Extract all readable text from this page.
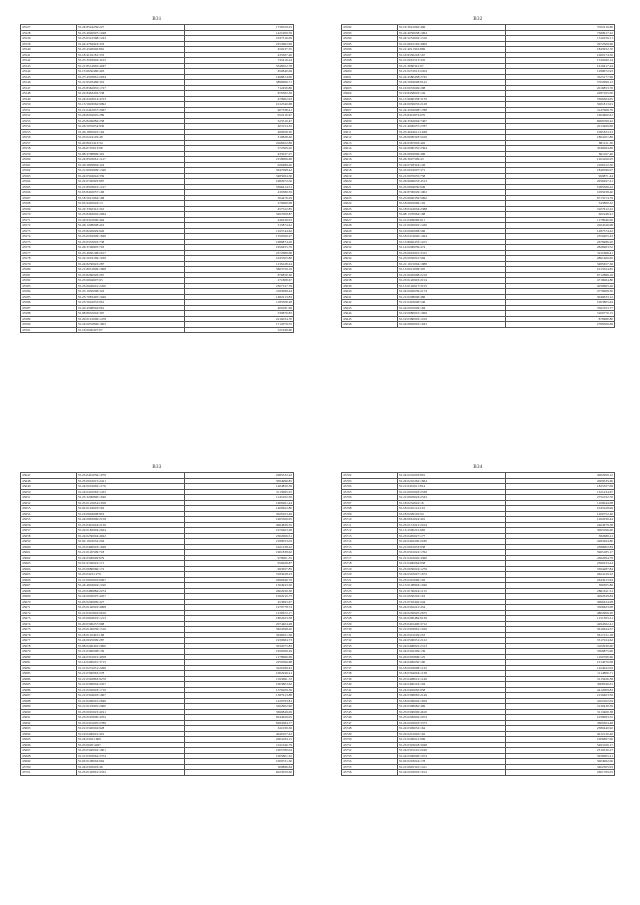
B31
45527	35.24:8524239:227	1739529.25
45528	35.25:4026007:1048	1421909.59
45530	35.25:0312568:1243	1037316.09
45536	35.24:4762943:433	2253662.99
45540	35.25:4326046:891	450237.35
45541	35.18:4102181:353	435307.26
45542	35.25:3263604:3102	745419.24
45543	35.21:8514965:4047	3349652.78
45544	35.15:6650460:403	650840.69
45545	35.27:4503661:2034	1498814.90
45546	35.21:9503466:319	3896696.71
45547	35.25:8362935:1727	712450.80
45548	35.22:8463202:538	870302.36
45549	35.24:6418014:4723	479902.93
45550	35.13:5693062:9092	1012540.68
45551	35.21:0461957:2067	907338.41
45552	35.26:8294045:289	952210.67
45553	35.25:8246082:258	523510.47
45554	35.26:5935634:930	403154.35
45555	35.26:1865043:164	460658.30
45556	35.25:0224105:48	310828.46
45557	35.20:8021413:34	2266652.89
45558	35.26:6710613:98	572506.20
45559	35.08:4798899:391	435037.27
45560	35.24:8503061:1127	2158066.68
45561	35.26:5829804:324	926489.20
45562	35.21:9063909:1346	3047098.42
45563	35.24:0594044:359	3485004.30
45564	35.22:0740993:987	1982972.56
45565	35.21:8593601:1217	3396414.51
45566	35.03:8402057:106	430389.59
45567	35.18:5021064:168	504479.29
45568	35.05:9405918:13	276699.08
45569	35.22:3392341:310	457522.85
45570	35.25:8463002:2064	3497008.87
45571	35.26:9322000:464	440236.03
45572	35.26:1208008:416	315874.61
45573	35.23:8220629:926	1195744.62
45574	35.25:6263009:1846	1350566.27
45575	35.25:0333003:738	1986874.26
45576	35.26:3746805:703	1956455.79
45577	35.25:4950198:2017	2372689.68
45578	35.22:5019169:1039	1045505.86
45579	35.24:8250922:287	1136128.24
45580	35.21:8051609:1998	3663756.19
45581	35.25:8260026:267	876850.30
45582	35.25:6094607:93	271808.67
45583	35.23:6040001:2450	2307127.79
45584	35.25:1950008:324	3183998.44
45585	35.23:7083405:1946	1482213.83
45586	35.23:5042033:901	1185508.28
45587	35.20:4598004:961	409181.69
45588	35.08:8932004:397	530876.83
45589	35.29:0101006:1478	2216034.70
45590	35.24:0032806:1602	1712079.55
45591	35.16:6040407:67	521648.60
B32
45592	35.19:3912062:466	3702216.66
45593	35.24:4030038:1064	7369917.22
45594	35.24:5233002:1316	1510470.11
45595	35.21:6922163:4009	2972569.60
45596	35.21:4011502:869	1845952.70
45597	35.16:9330218:167	1060174.50
45598	35.21:0061513:435	1530260.14
45599	35.21:3060341:67	1619417.24
45600	35.21:0272013:2454	1298972.93
45601	35.24:4580438:2745	3525177.99
45602	35.24:5994008:6122	5702699.13
45603	35.19:0033049:208	2016853.70
45604	35.19:8458003:126	2287105.00
45605	35.15:9960338:3170	3396304.05
45606	35.24:0050035:2128	5001813.91
45607	35.24:4502008:1788	3147668.79
45608	35.23:8401874:670	1604660.61
45609	35.24:3562004:7467	6906769.22
45610	35.21:4000057:2787	2013469.06
45611	35.25:4024011:1648	1081823.23
45612	35.26:6000593:5106	1804101.86
45613	35.24:6367003:402	681121.30
45614	35.24:6090355:2364	3048284.66
45615	35.24:6993006:496	661167.46
45616	35.26:3007509:43	1204160.05
45617	35.24:0728324:126	2168122.50
45618	35.23:0019007:371	1840596.07
45619	35.21:0970035:758	969871.44
45620	35.26:9906033:4513	2956297.21
45621	35.25:0994030:949	1085566.22
45622	35.24:8700029:1002	1095038.40
45623	35.25:6040359:5062	6713174.79
45624	35.18:6093069:102	343809.52
45625	35.18:0324004:2388	3107912.22
45626	35.08:1370064:198	601948.41
45627	35.21:0409060:611	1178946.00
45628	35.21:0020002:1436	2264546.98
45629	35.19:0920008:506	1287574.22
45630	35.18:0474040:1264	2350405.43
45631	35.15:8940433:1103	2678486.20
45632	35.14:0200059:474	2826963.52
45633	35.23:0043091:3315	3211668.41
45634	35.23:0030001:584	4861406.65
45635	35.21:1915004:1988	3485657.36
45636	35.13:0013009:305	1013524.65
45637	35.21:0020008:2219	6712886.16
45638	35.23:0120603:2154	4716964.80
45639	35.15:0120617:3155	4059665.26
45640	35.24:0040039:2174	4776908.30
45641	35.21:0208006:486	3046633.12
45642	35.21:0403006:546	1003805.64
45643	35.24:0010049:184	3302353.77
45644	35.19:0080001:1069	3160770.15
45645	35.19:0380003:1019	870980.80
45646	35.24:0802003:1043	2786306.66
B33
45647	35.25:0461059:1079	2685532.22
45648	35.25:0043015:2421	3094996.85
45649	35.24:0019065:1176	1464850.39
45650	35.24:0410063:1435	3113065.25
45651	35.25:3290800:1040	1145102.59
45652	35.25:0119034:1058	1609261.44
45653	35.02:0104003:502	1409622.80
45654	35.19:0904008:819	3629103.49
45655	35.24:0963906:2158	1965306.05
45656	35.25:0491044:2139	4964839.35
45657	35.24:0182904:2624	1070403.28
45658	35.24:0230004:4922	2302006.51
45659	35.02:1916032:204	2189053.03
45660	35.25:0490003:1648	1921238.22
45661	35.21:0120509:718	1901838.62
45662	35.24:0300049:679	976901.35
45663	35.01:9740022:171	956628.87
45664	35.25:0680069:172	993657.85
45665	35.25:0423:1279	3183028.23
45666	35.21:0903003:9067	2690946.79
45667	35.24:4904004:1190	1564943.56
45668	35.25:0480884:2274	2602930.30
45669	35.24:0020007:4207	1092910.73
45670	35.03:0200609:427	453693.67
45671	35.25:0140093:4998	1279778.74
45672	35.21:0301602:9916	1230672.17
45673	35.25:0904019:1213	1802623.58
45674	35.20:0390237:908	2074404.28
45675	35.25:0140039:1516	3624598.20
45676	35.18:0110403:168	3046051.36
45677	35.24:0025009:287	1930684.73
45678	35.08:0200402:2900	3032075.83
45679	35.21:0300008:159	1956599.29
45680	35.24:0301001:4058	1178699.69
45681	35.14:0400001:3715	2259366.68
45682	35.21:0231051:2266	3229189.43
45683	35.21:0300963:278	1062949.21
45684	35.21:0302863:9276	1193691.72
45685	35.21:0306004:2457	1903803.62
45686	35.21:0202003:1719	1376209.39
45687	35.21:0304003:1667	1387913.88
45688	35.21:0200001:2849	1220793.81
45689	35.21:0103905:2960	3262902.96
45690	35.23:0010023:4191	3690849.09
45691	35.23:0203000:4702	9244629.95
45692	35.25:0301005:2789	8284584.77
45693	35.01:0320004:928	611039.36
45694	35.19:0400001:401	4049107.43
45695	35.24:0302:1669	2604184.15
45696	35.25:0020:4497	1911046.79
45697	35.25:0340002:1601	1005780.04
45698	35.21:0303064:3374	1005801.32
45699	35.02:0108004:964	1009721.30
45700	35.24:0305003:46	309896.64
45701	35.23:0120801:4332	6023059.60
B34
45702	35.24:0210003:891	4062099.12
45703	35.24:0210262:1664	2009535.60
45704	35.21:0401011:814	1825357.09
45705	35.21:0010002:2538	1321434.97
45706	35.21:0903024:2543	2751032.70
45707	35.18:0232022:16	1106044.08
45708	35.18:0210114:191	1045228.96
45709	35.18:0209105:94	1200752.40
45710	35.26:0061024:491	1262036.44
45711	35.25:0131021:2104	2404979.38
45712	35.13:2500241:982	3065596.00
45713	35.23:0405027:177	382689.21
45714	35.24:0402200:2180	4283494.80
45715	35.21:0901033:938	4389902.84
45716	35.25:0301022:1762	5965185.17
45717	35.21:0410002:4360	4362094.79
45718	35.21:0400064:958	2360233.24
45719	35.25:0050024:1279	3394287.84
45720	35.24:0310047:1672	4624129.22
45721	35.23:0410069:192	2643013.64
45722	35.15:0108994:1046	380305.86
45723	35.21:0130024:1115	2861611.51
45724	35.21:0030202:119	4092639.84
45725	35.21:0702402:244	4966434.98
45726	35.24:0302241:454	3306623.08
45727	35.24:0230625:2675	4802906.20
45728	35.24:0200484:9136	1151303.21
45729	35.23:0401400:3712	4294362.41
45730	35.21:0303061:1166	3616644.57
45731	35.22:0501109:233	3617121.18
45732	35.24:0500031:2122	3317224.62
45733	35.24:0408910:2313	3162930.00
45734	35.24:0302209:139	3309875.96
45735	35.20:0305806:125	1100766.60
45736	35.24:0400030:100	1014070.08
45737	35.18:0203008:1132	1224022.02
45738	35.18:0304004:1138	1114806.71
45739	35.25:0408012:1149	3115926.58
45740	35.24:0400219:194	3008346.61
45741	35.24:0402065:958	4412009.83
45742	35.24:0308065:2149	2139403.59
45743	35.18:0206004:1059	4102102.04
45744	35.24:0308082:469	3130430.39
45745	35.25:0300006:4610	3113400.38
45746	35.25:0200902:2074	1039093.55
45747	35.24:0203003:3373	3609304.48
45748	35.24:0309032:164	2389440.92
45749	35.22:0201093:162	4012130.40
45750	35.21:0200021:996	1006897.06
45751	35.25:0303018:3048	3493106.17
45752	35.24:0301102:2249	2310530.27
45753	35.24:0306096:1074	3930905.21
45754	35.02:0203024:178	3004962.06
45755	35.21:0605310:1411	3402305.93
45756	35.24:0203003:1012	2601709.03
